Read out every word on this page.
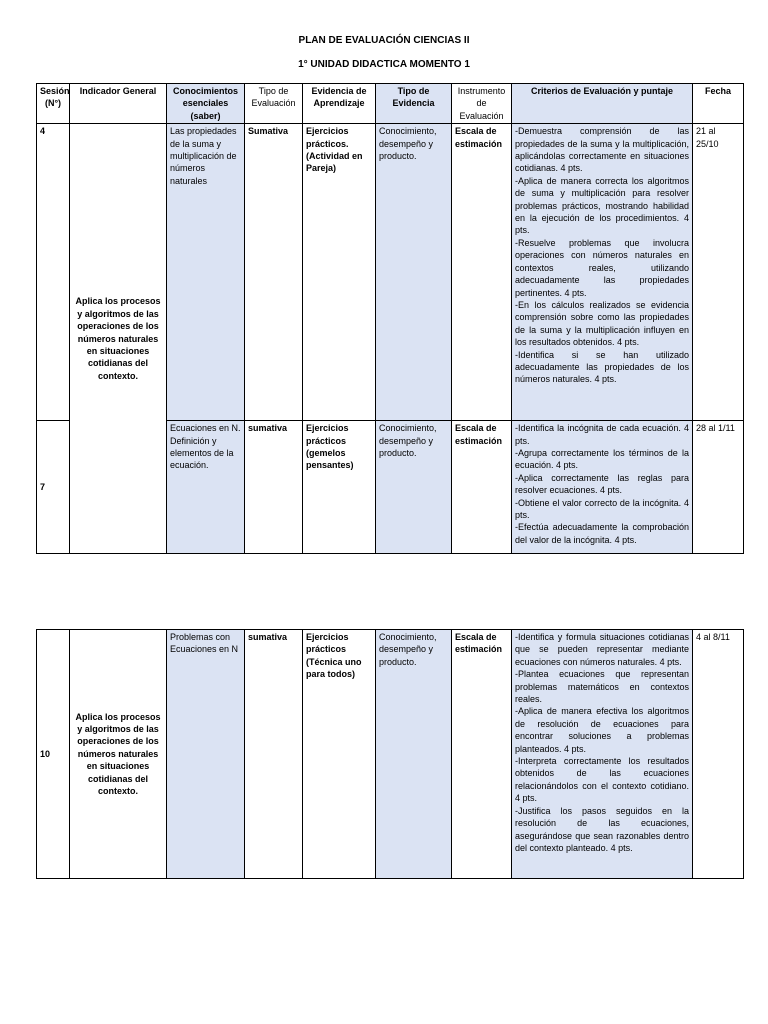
PLAN DE EVALUACIÓN CIENCIAS II
1° UNIDAD DIDACTICA MOMENTO 1
Sesión (N°)	Indicador General	Conocimientos esenciales (saber)	Tipo de Evaluación	Evidencia de Aprendizaje	Tipo de Evidencia	Instrumento de Evaluación	Criterios de Evaluación y puntaje	Fecha
4	Aplica los procesos y algoritmos de las operaciones de los números naturales en situaciones cotidianas del contexto.	Las propiedades de la suma y multiplicación de números naturales	Sumativa	Ejercicios prácticos. (Actividad en Pareja)	Conocimiento, desempeño y producto.	Escala de estimación	-Demuestra comprensión de las propiedades de la suma y la multiplicación, aplicándolas correctamente en situaciones cotidianas. 4 pts.
-Aplica de manera correcta los algoritmos de suma y multiplicación para resolver problemas prácticos, mostrando habilidad en la ejecución de los procedimientos. 4 pts.
-Resuelve problemas que involucra operaciones con números naturales en contextos reales, utilizando adecuadamente las propiedades pertinentes. 4 pts.
-En los cálculos realizados se evidencia comprensión sobre como las propiedades de la suma y la multiplicación influyen en los resultados obtenidos. 4 pts.
-Identifica si se han utilizado adecuadamente las propiedades de los números naturales. 4 pts.	21 al 25/10
7		Ecuaciones en N. Definición y elementos de la ecuación.	sumativa	Ejercicios prácticos (gemelos pensantes)	Conocimiento, desempeño y producto.	Escala de estimación	-Identifica la incógnita de cada ecuación. 4 pts.
-Agrupa correctamente los términos de la ecuación. 4 pts.
-Aplica correctamente las reglas para resolver ecuaciones. 4 pts.
-Obtiene el valor correcto de la incógnita. 4 pts.
-Efectúa adecuadamente la comprobación del valor de la incógnita. 4 pts.	28 al 1/11
10	Aplica los procesos y algoritmos de las operaciones de los números naturales en situaciones cotidianas del contexto.	Problemas con Ecuaciones en N	sumativa	Ejercicios prácticos (Técnica uno para todos)	Conocimiento, desempeño y producto.	Escala de estimación	
-Identifica y formula situaciones cotidianas que se pueden representar mediante ecuaciones con números naturales. 4 pts.
-Plantea ecuaciones que representan problemas matemáticos en contextos reales.
-Aplica de manera efectiva los algoritmos de resolución de ecuaciones para encontrar soluciones a problemas planteados. 4 pts.
-Interpreta correctamente los resultados obtenidos de las ecuaciones relacionándolos con el contexto cotidiano. 4 pts.
-Justifica los pasos seguidos en la resolución de las ecuaciones, asegurándose que sean razonables dentro del contexto planteado. 4 pts.
	4 al 8/11
